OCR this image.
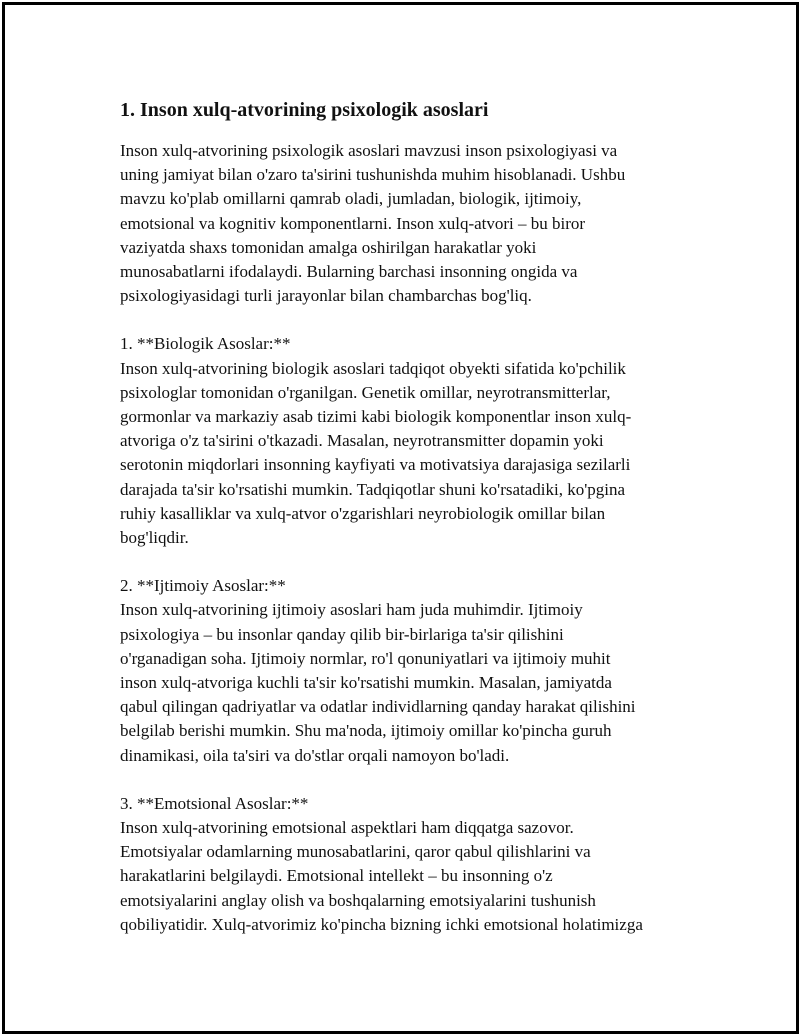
1. Inson xulq-atvorining psixologik asoslari

Inson xulq-atvorining psixologik asoslari mavzusi inson psixologiyasi va
uning jamiyat bilan o'zaro ta'sirini tushunishda muhim hisoblanadi. Ushbu
mavzu ko'plab omillarni qamrab oladi, jumladan, biologik, ijtimoiy,
emotsional va kognitiv komponentlarni. Inson xulq-atvori – bu biror
vaziyatda shaxs tomonidan amalga oshirilgan harakatlar yoki
munosabatlarni ifodalaydi. Bularning barchasi insonning ongida va
psixologiyasidagi turli jarayonlar bilan chambarchas bog'liq.

1. **Biologik Asoslar:**

Inson xulq-atvorining biologik asoslari tadqiqot obyekti sifatida ko'pchilik
psixologlar tomonidan o'rganilgan. Genetik omillar, neyrotransmitterlar,
gormonlar va markaziy asab tizimi kabi biologik komponentlar inson xulq-
atvoriga o'z ta'sirini o'tkazadi. Masalan, neyrotransmitter dopamin yoki
serotonin miqdorlari insonning kayfiyati va motivatsiya darajasiga sezilarli
darajada ta'sir ko'rsatishi mumkin. Tadqiqotlar shuni ko'rsatadiki, ko'pgina
ruhiy kasalliklar va xulq-atvor o'zgarishlari neyrobiologik omillar bilan
bog'liqdir.

2. **Ijtimoiy Asoslar:**

Inson xulq-atvorining ijtimoiy asoslari ham juda muhimdir. Ijtimoiy
psixologiya – bu insonlar qanday qilib bir-birlariga ta'sir qilishini
o'rganadigan soha. Ijtimoiy normlar, ro'l qonuniyatlari va ijtimoiy muhit
inson xulq-atvoriga kuchli ta'sir ko'rsatishi mumkin. Masalan, jamiyatda
qabul qilingan qadriyatlar va odatlar individlarning qanday harakat qilishini
belgilab berishi mumkin. Shu ma'noda, ijtimoiy omillar ko'pincha guruh
dinamikasi, oila ta'siri va do'stlar orqali namoyon bo'ladi.

3. **Emotsional Asoslar:**

Inson xulq-atvorining emotsional aspektlari ham diqqatga sazovor.
Emotsiyalar odamlarning munosabatlarini, qaror qabul qilishlarini va
harakatlarini belgilaydi. Emotsional intellekt – bu insonning o'z
emotsiyalarini anglay olish va boshqalarning emotsiyalarini tushunish
qobiliyatidir. Xulq-atvorimiz ko'pincha bizning ichki emotsional holatimizga
